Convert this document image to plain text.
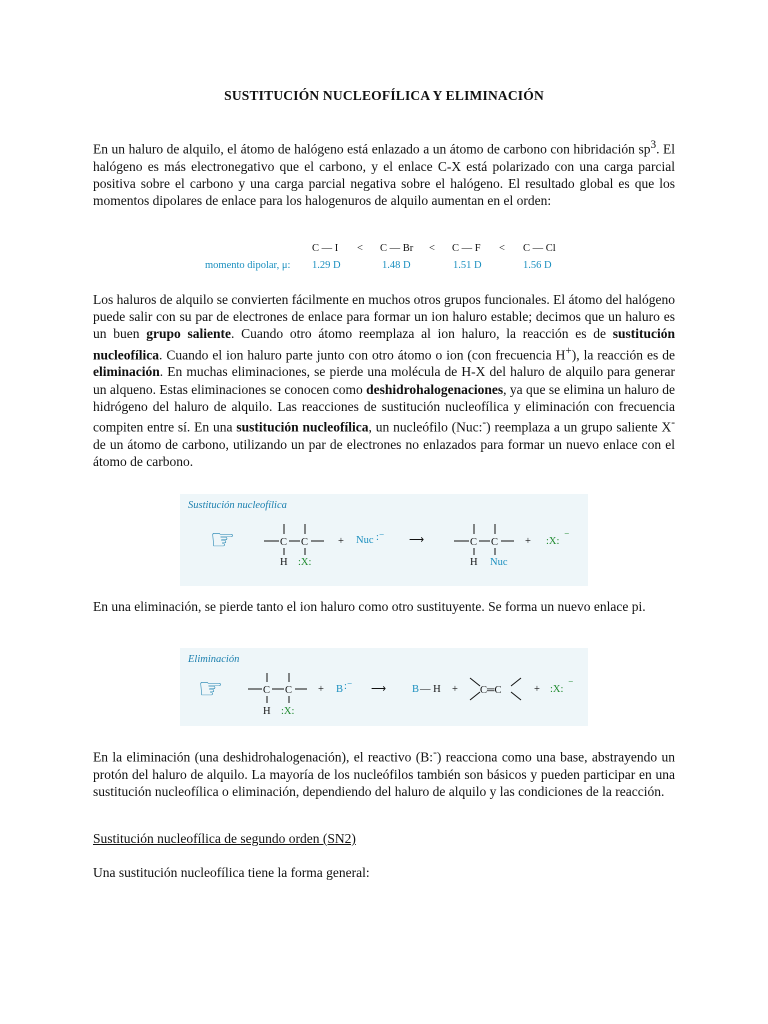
SUSTITUCIÓN NUCLEOFÍLICA Y ELIMINACIÓN

En un haluro de alquilo, el átomo de halógeno está enlazado a un átomo de carbono con hibridación $sp^3$. El halógeno es más electronegativo que el carbono, y el enlace C-X está polarizado con una carga parcial positiva sobre el carbono y una carga parcial negativa sobre el halógeno. El resultado global es que los momentos dipolares de enlace para los halogenuros de alquilo aumentan en el orden:

C — I < C — Br < C — F < C — Cl
momento dipolar, μ: 1.29 D	1.48 D	1.51 D	1.56 D

Los haluros de alquilo se convierten fácilmente en muchos otros grupos funcionales. El átomo del halógeno puede salir con su par de electrones de enlace para formar un ion haluro estable; decimos que un haluro es un buen grupo saliente. Cuando otro átomo reemplaza al ion haluro, la reacción es de sustitución nucleofílica. Cuando el ion haluro parte junto con otro átomo o ion (con frecuencia H+), la reacción es de eliminación. En muchas eliminaciones, se pierde una molécula de H-X del haluro de alquilo para generar un alqueno. Estas eliminaciones se conocen como deshidrohalogenaciones, ya que se elimina un haluro de hidrógeno del haluro de alquilo. Las reacciones de sustitución nucleofílica y eliminación con frecuencia compiten entre sí. En una sustitución nucleofílica, un nucleófilo (Nuc:-) reemplaza a un grupo saliente X- de un átomo de carbono, utilizando un par de electrones no enlazados para formar un nuevo enlace con el átomo de carbono.

Sustitución nucleofílica
☞	C C
H :X:
+ Nuc :⁻ ⟶	C C
H Nuc
+ :X: ⁻

En una eliminación, se pierde tanto el ion haluro como otro sustituyente. Se forma un nuevo enlace pi.

Eliminación
☞	C C
H :X:
+ B :⁻ ⟶ B — H + C═C	+ :X: ⁻

En la eliminación (una deshidrohalogenación), el reactivo (B:-) reacciona como una base, abstrayendo un protón del haluro de alquilo. La mayoría de los nucleófilos también son básicos y pueden participar en una sustitución nucleofílica o eliminación, dependiendo del haluro de alquilo y las condiciones de la reacción.

Sustitución nucleofílica de segundo orden (SN2)

Una sustitución nucleofílica tiene la forma general:
